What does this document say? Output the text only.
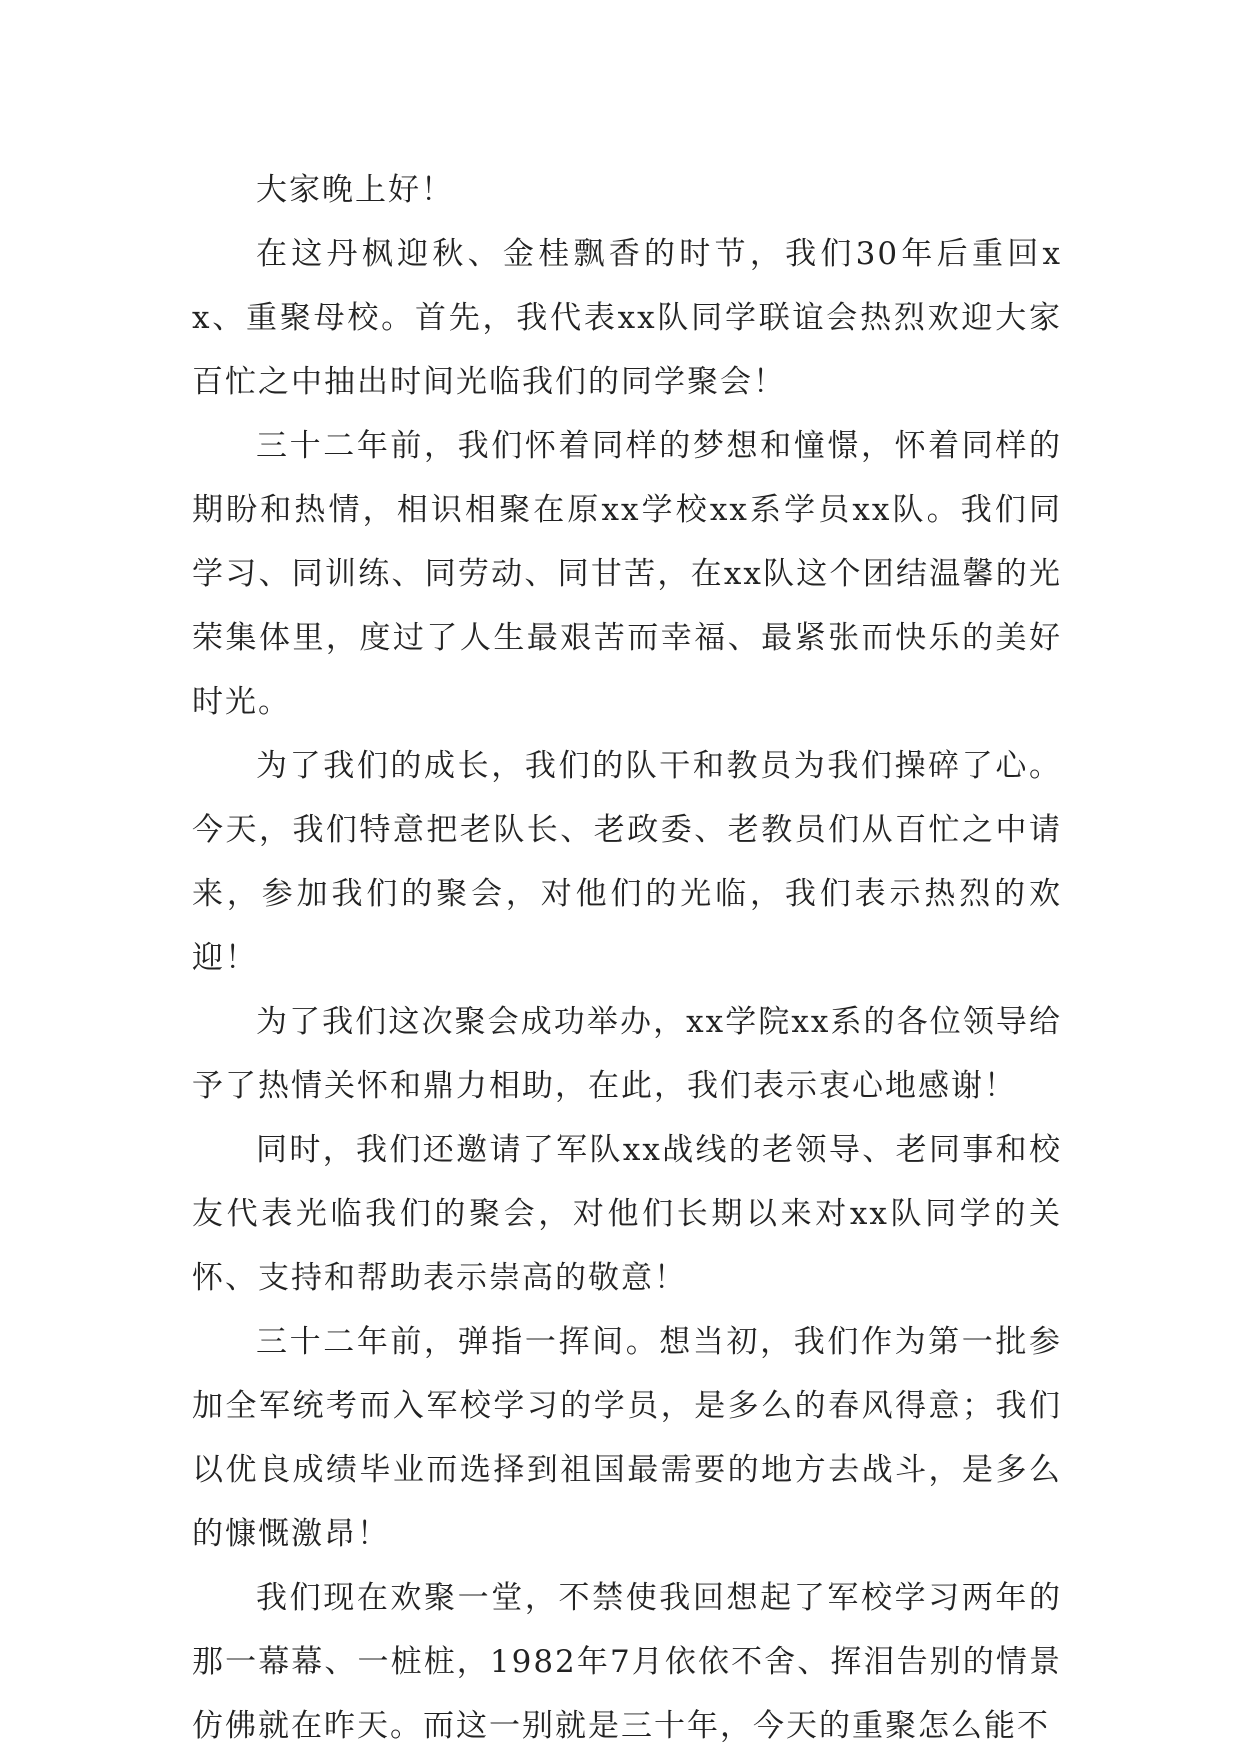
大家晚上好！

在这丹枫迎秋、金桂飘香的时节，我们30年后重回xx、重聚母校。首先，我代表xx队同学联谊会热烈欢迎大家百忙之中抽出时间光临我们的同学聚会！

三十二年前，我们怀着同样的梦想和憧憬，怀着同样的期盼和热情，相识相聚在原xx学校xx系学员xx队。我们同学习、同训练、同劳动、同甘苦，在xx队这个团结温馨的光荣集体里，度过了人生最艰苦而幸福、最紧张而快乐的美好时光。

为了我们的成长，我们的队干和教员为我们操碎了心。今天，我们特意把老队长、老政委、老教员们从百忙之中请来，参加我们的聚会，对他们的光临，我们表示热烈的欢迎！

为了我们这次聚会成功举办，xx学院xx系的各位领导给予了热情关怀和鼎力相助，在此，我们表示衷心地感谢！

同时，我们还邀请了军队xx战线的老领导、老同事和校友代表光临我们的聚会，对他们长期以来对xx队同学的关怀、支持和帮助表示崇高的敬意！

三十二年前，弹指一挥间。想当初，我们作为第一批参加全军统考而入军校学习的学员，是多么的春风得意；我们以优良成绩毕业而选择到祖国最需要的地方去战斗，是多么的慷慨激昂！

我们现在欢聚一堂，不禁使我回想起了军校学习两年的那一幕幕、一桩桩，1982年7月依依不舍、挥泪告别的情景仿佛就在昨天。而这一别就是三十年，今天的重聚怎么能不
